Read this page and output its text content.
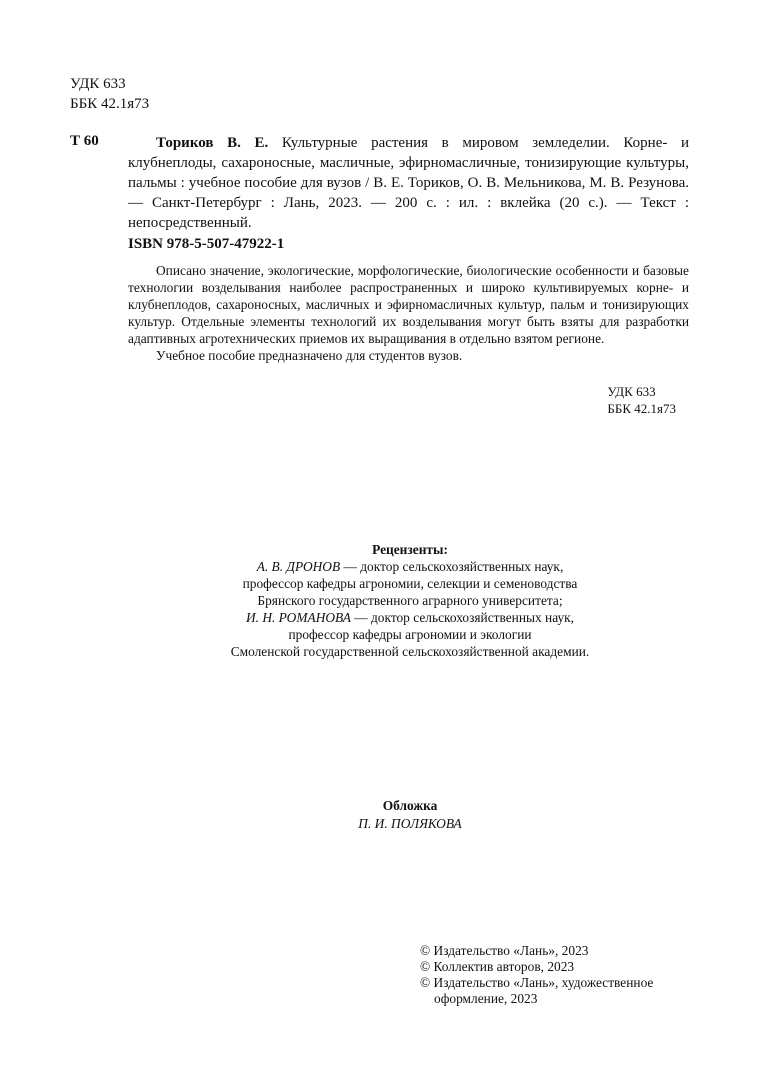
УДК 633
ББК 42.1я73
Т 60	Ториков В. Е. Культурные растения в мировом земледелии. Корне- и клубнеплоды, сахароносные, масличные, эфирномасличные, тонизирующие культуры, пальмы : учебное пособие для вузов / В. Е. Ториков, О. В. Мельникова, М. В. Резунова. — Санкт-Петербург : Лань, 2023. — 200 с. : ил. : вклейка (20 с.). — Текст : непосредственный.
ISBN 978-5-507-47922-1

Описано значение, экологические, морфологические, биологические особенности и базовые технологии возделывания наиболее распространенных и широко культивируемых корне- и клубнеплодов, сахароносных, масличных и эфирномасличных культур, пальм и тонизирующих культур. Отдельные элементы технологий их возделывания могут быть взяты для разработки адаптивных агротехнических приемов их выращивания в отдельно взятом регионе.

Учебное пособие предназначено для студентов вузов.

УДК 633
ББК 42.1я73
Рецензенты:
А. В. ДРОНОВ — доктор сельскохозяйственных наук,
профессор кафедры агрономии, селекции и семеноводства
Брянского государственного аграрного университета;
И. Н. РОМАНОВА — доктор сельскохозяйственных наук,
профессор кафедры агрономии и экологии
Смоленской государственной сельскохозяйственной академии.
Обложка
П. И. ПОЛЯКОВА
© Издательство «Лань», 2023
© Коллектив авторов, 2023
© Издательство «Лань», художественное
оформление, 2023
